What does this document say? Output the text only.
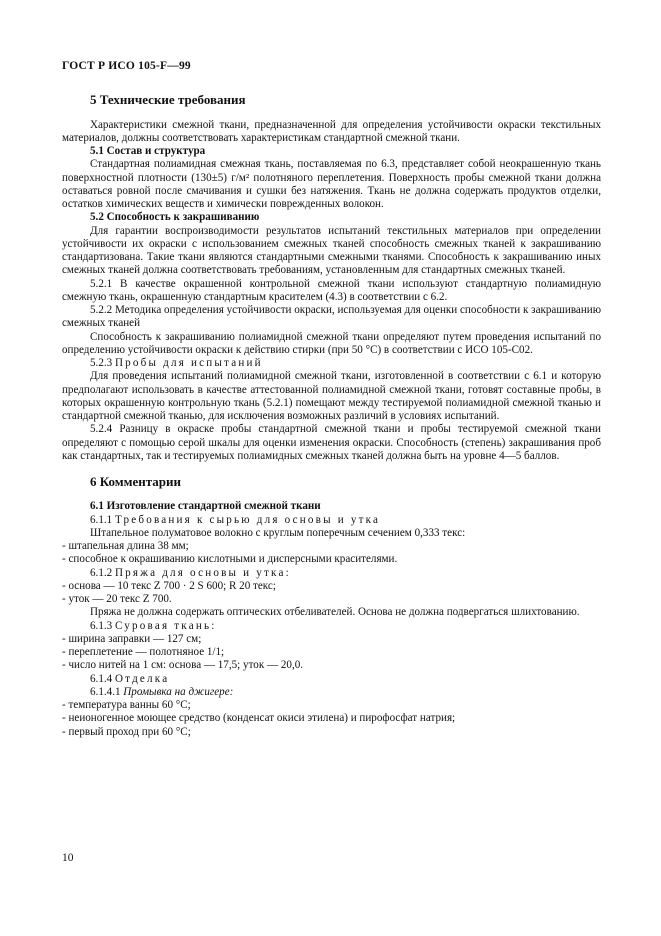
ГОСТ Р ИСО 105-F—99
5 Технические требования

Характеристики смежной ткани, предназначенной для определения устойчивости окраски текстильных материалов, должны соответствовать характеристикам стандартной смежной ткани.

5.1 Состав и структура

Стандартная полиамидная смежная ткань, поставляемая по 6.3, представляет собой неокрашенную ткань поверхностной плотности (130±5) г/м² полотняного переплетения. Поверхность пробы смежной ткани должна оставаться ровной после смачивания и сушки без натяжения. Ткань не должна содержать продуктов отделки, остатков химических веществ и химически поврежденных волокон.

5.2 Способность к закрашиванию

Для гарантии воспроизводимости результатов испытаний текстильных материалов при определении устойчивости их окраски с использованием смежных тканей способность смежных тканей к закрашиванию стандартизована. Такие ткани являются стандартными смежными тканями. Способность к закрашиванию иных смежных тканей должна соответствовать требованиям, установленным для стандартных смежных тканей.

5.2.1 В качестве окрашенной контрольной смежной ткани используют стандартную полиамидную смежную ткань, окрашенную стандартным красителем (4.3) в соответствии с 6.2.

5.2.2 Методика определения устойчивости окраски, используемая для оценки способности к закрашиванию смежных тканей

Способность к закрашиванию полиамидной смежной ткани определяют путем проведения испытаний по определению устойчивости окраски к действию стирки (при 50 °С) в соответствии с ИСО 105-C02.

5.2.3 Пробы для испытаний

Для проведения испытаний полиамидной смежной ткани, изготовленной в соответствии с 6.1 и которую предполагают использовать в качестве аттестованной полиамидной смежной ткани, готовят составные пробы, в которых окрашенную контрольную ткань (5.2.1) помещают между тестируемой полиамидной смежной тканью и стандартной смежной тканью, для исключения возможных различий в условиях испытаний.

5.2.4 Разницу в окраске пробы стандартной смежной ткани и пробы тестируемой смежной ткани определяют с помощью серой шкалы для оценки изменения окраски. Способность (степень) закрашивания проб как стандартных, так и тестируемых полиамидных смежных тканей должна быть на уровне 4—5 баллов.

6 Комментарии
6.1 Изготовление стандартной смежной ткани

6.1.1 Требования к сырью для основы и утка

Штапельное полуматовое волокно с круглым поперечным сечением 0,333 текс:

- штапельная длина 38 мм;

- способное к окрашиванию кислотными и дисперсными красителями.

6.1.2 Пряжа для основы и утка:

- основа — 10 текс Z 700 · 2 S 600; R 20 текс;

- уток — 20 текс Z 700.

Пряжа не должна содержать оптических отбеливателей. Основа не должна подвергаться шлихтованию.

6.1.3 Суровая ткань:

- ширина заправки — 127 см;

- переплетение — полотняное 1/1;

- число нитей на 1 см: основа — 17,5; уток — 20,0.

6.1.4 Отделка

6.1.4.1 Промывка на джигере:

- температура ванны 60 °С;

- неионогенное моющее средство (конденсат окиси этилена) и пирофосфат натрия;

- первый проход при 60 °С;

10
